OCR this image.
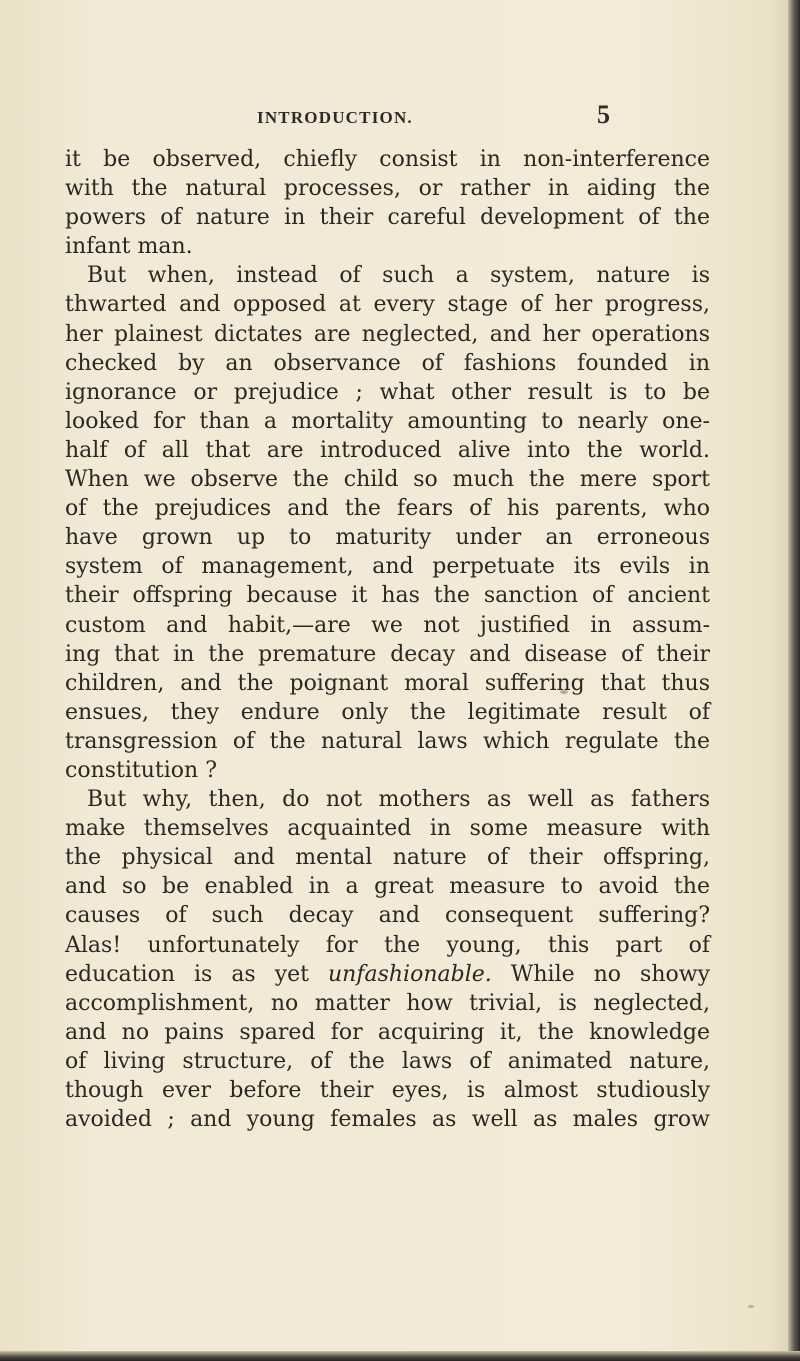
INTRODUCTION.	5
it be observed, chiefly consist in non-interference
with the natural processes, or rather in aiding the
powers of nature in their careful development of the
infant man.
But when, instead of such a system, nature is
thwarted and opposed at every stage of her progress,
her plainest dictates are neglected, and her operations
checked by an observance of fashions founded in
ignorance or prejudice ; what other result is to be
looked for than a mortality amounting to nearly one-
half of all that are introduced alive into the world.
When we observe the child so much the mere sport
of the prejudices and the fears of his parents, who
have grown up to maturity under an erroneous
system of management, and perpetuate its evils in
their offspring because it has the sanction of ancient
custom and habit,—are we not justified in assum-
ing that in the premature decay and disease of their
children, and the poignant moral suffering that thus
ensues, they endure only the legitimate result of
transgression of the natural laws which regulate the
constitution ?
But why, then, do not mothers as well as fathers
make themselves acquainted in some measure with
the physical and mental nature of their offspring,
and so be enabled in a great measure to avoid the
causes of such decay and consequent suffering?
Alas! unfortunately for the young, this part of
education is as yet unfashionable. While no showy
accomplishment, no matter how trivial, is neglected,
and no pains spared for acquiring it, the knowledge
of living structure, of the laws of animated nature,
though ever before their eyes, is almost studiously
avoided ; and young females as well as males grow
